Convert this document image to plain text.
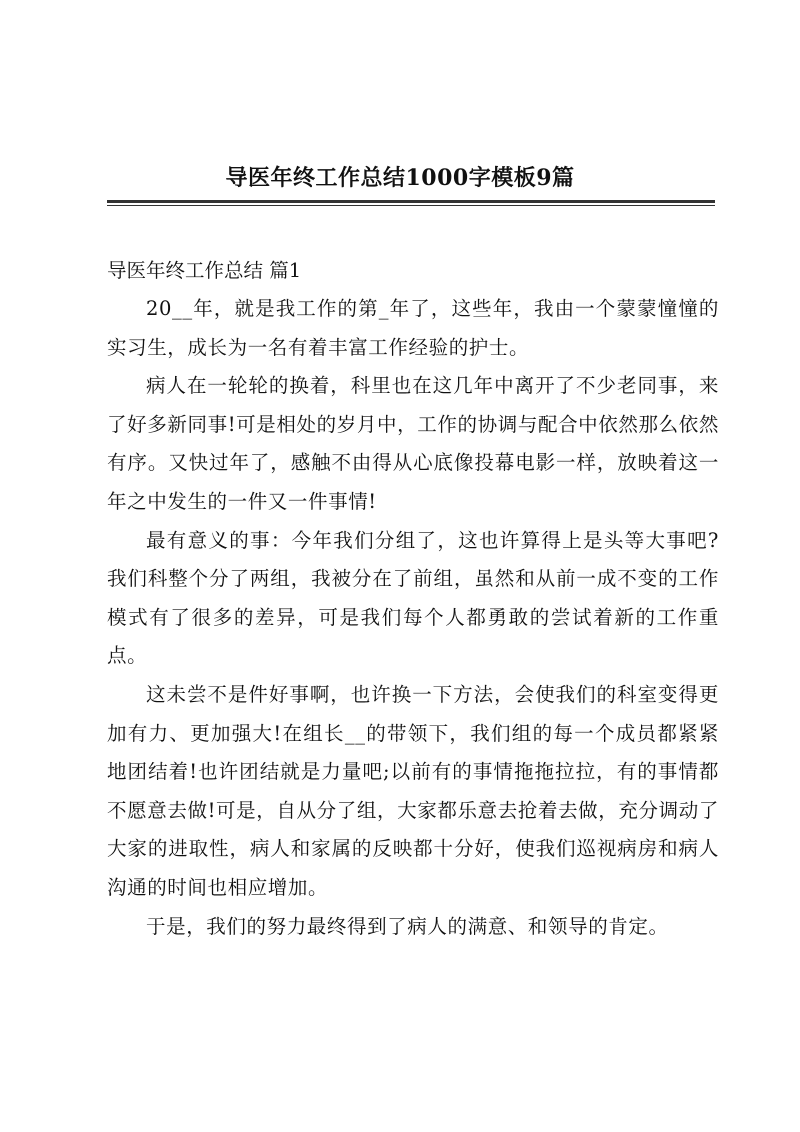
导医年终工作总结1000字模板9篇

导医年终工作总结 篇1

20__年，就是我工作的第_年了，这些年，我由一个蒙蒙憧憧的实习生，成长为一名有着丰富工作经验的护士。

病人在一轮轮的换着，科里也在这几年中离开了不少老同事，来了好多新同事!可是相处的岁月中，工作的协调与配合中依然那么依然有序。又快过年了，感触不由得从心底像投幕电影一样，放映着这一年之中发生的一件又一件事情!

最有意义的事：今年我们分组了，这也许算得上是头等大事吧?我们科整个分了两组，我被分在了前组，虽然和从前一成不变的工作模式有了很多的差异，可是我们每个人都勇敢的尝试着新的工作重点。

这未尝不是件好事啊，也许换一下方法，会使我们的科室变得更加有力、更加强大!在组长__的带领下，我们组的每一个成员都紧紧地团结着!也许团结就是力量吧;以前有的事情拖拖拉拉，有的事情都不愿意去做!可是，自从分了组，大家都乐意去抢着去做，充分调动了大家的进取性，病人和家属的反映都十分好，使我们巡视病房和病人沟通的时间也相应增加。

于是，我们的努力最终得到了病人的满意、和领导的肯定。
